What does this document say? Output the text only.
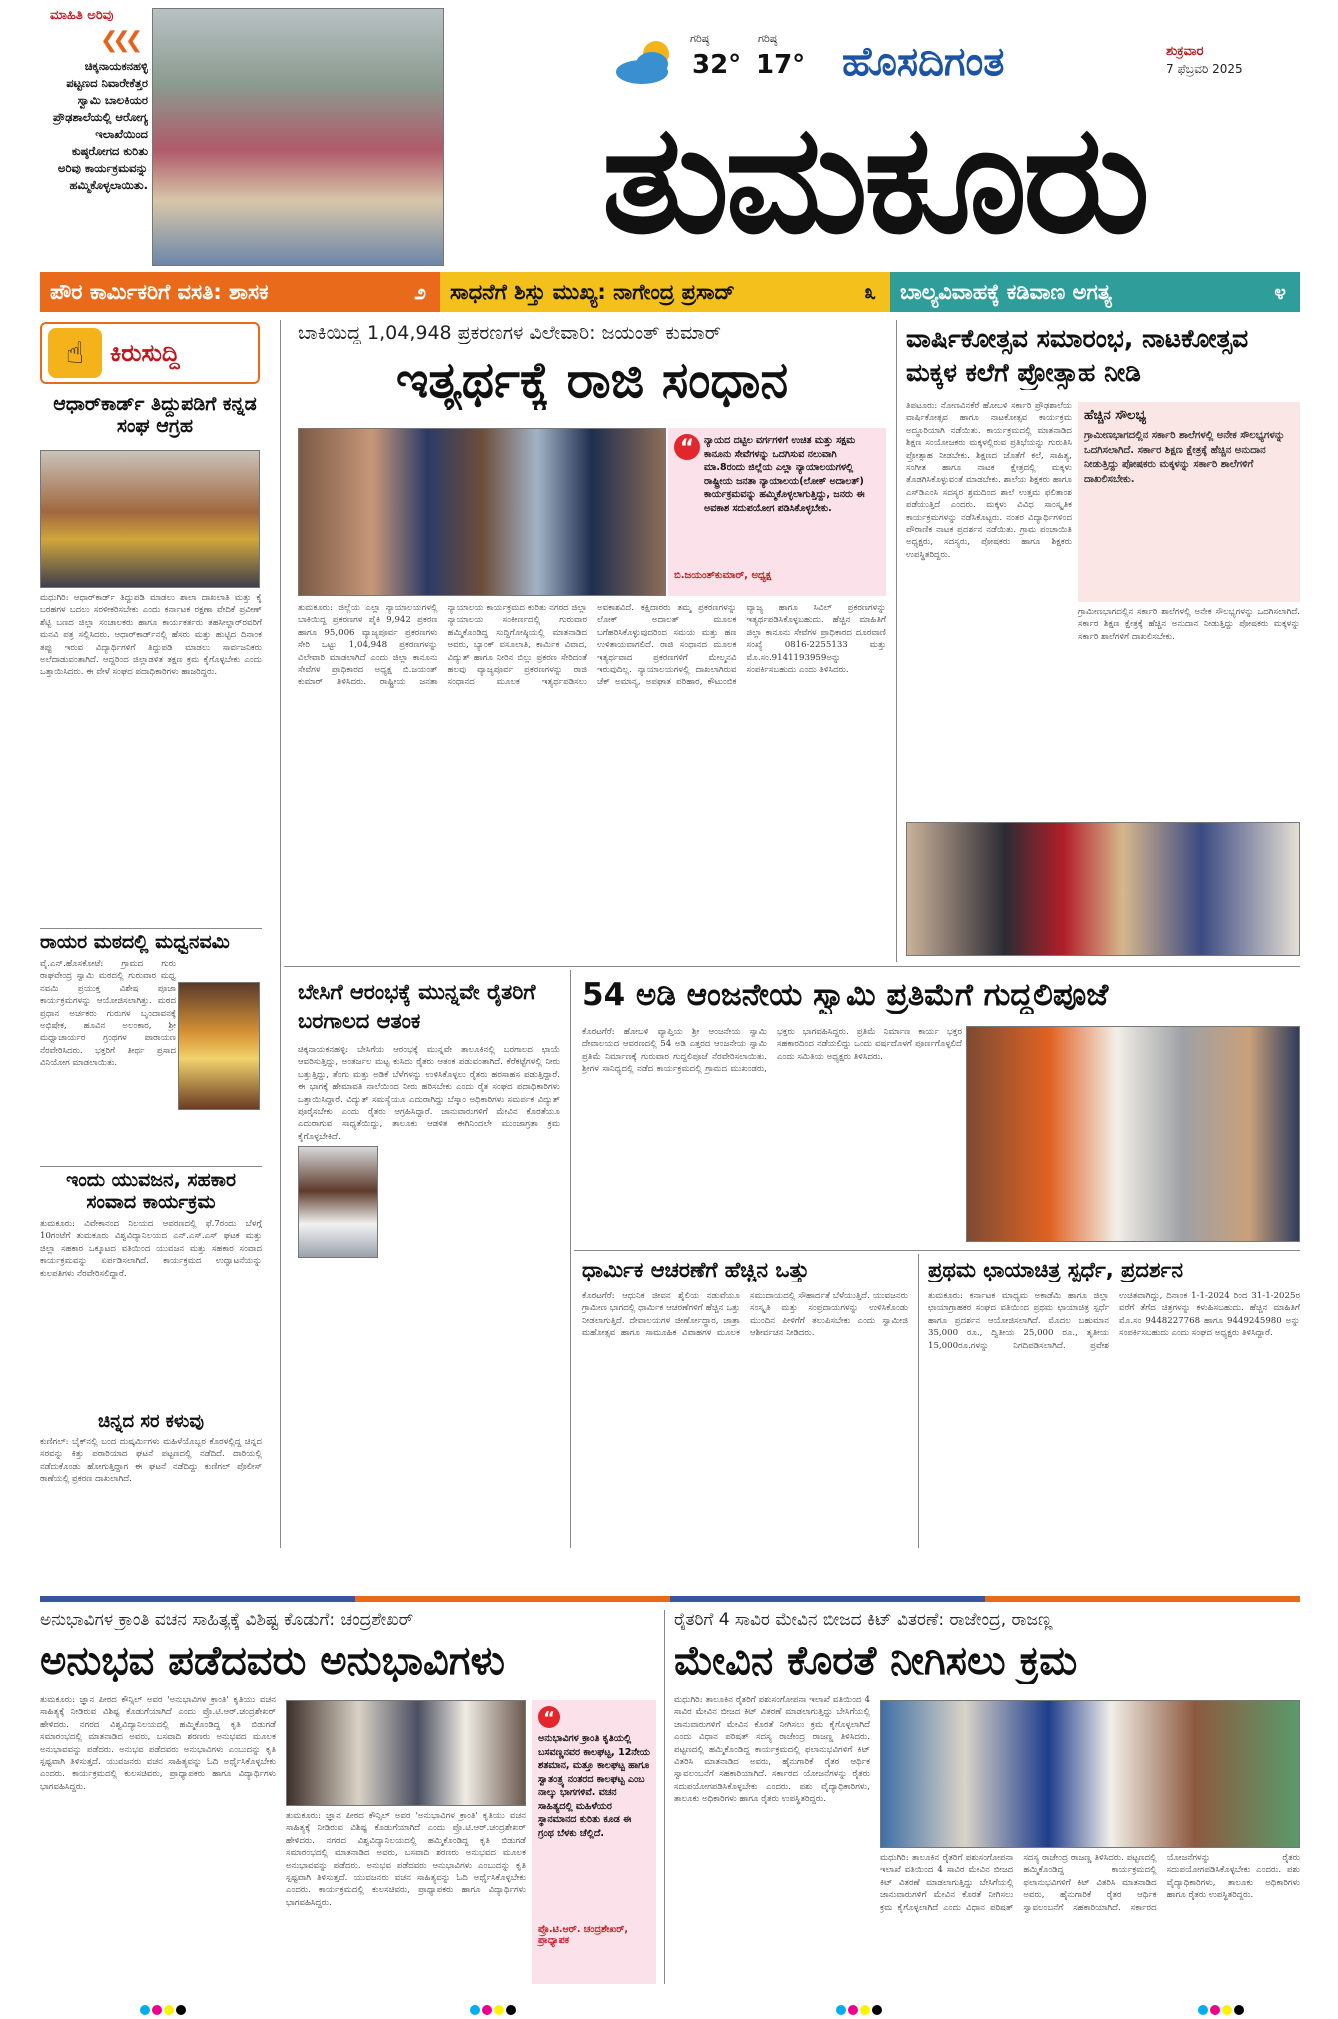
ಮಾಹಿತಿ ಅರಿವು
❮❮❮
ಚಿಕ್ಕನಾಯಕನಹಳ್ಳಿ ಪಟ್ಟಣದ ನಿವಾರೇಕೆತ್ತರ ಸ್ವಾಮಿ ಬಾಲಕಿಯರ ಪ್ರೌಢಶಾಲೆಯಲ್ಲಿ ಆರೋಗ್ಯ ಇಲಾಖೆಯಿಂದ ಕುಷ್ಠರೋಗದ ಕುರಿತು ಅರಿವು ಕಾರ್ಯಕ್ರಮವನ್ನು ಹಮ್ಮಿಕೊಳ್ಳಲಾಯಿತು.
ಗರಿಷ್ಠ
32°
ಗರಿಷ್ಠ
17° ಹೊಸದಿಗಂತ	ಶುಕ್ರವಾರ
7 ಫೆಬ್ರವರಿ 2025
ತುಮಕೂರು
ಪೌರ ಕಾರ್ಮಿಕರಿಗೆ ವಸತಿ: ಶಾಸಕ	೨ ಸಾಧನೆಗೆ ಶಿಸ್ತು ಮುಖ್ಯ: ನಾಗೇಂದ್ರ ಪ್ರಸಾದ್	೩ ಬಾಲ್ಯವಿವಾಹಕ್ಕೆ ಕಡಿವಾಣ ಅಗತ್ಯ	೪
☝	ಕಿರುಸುದ್ದಿ
ಆಧಾರ್‌ಕಾರ್ಡ್ ತಿದ್ದುಪಡಿಗೆ ಕನ್ನಡ ಸಂಘ ಆಗ್ರಹ
ಮಧುಗಿರಿ: ಆಧಾರ್‌ಕಾರ್ಡ್ ತಿದ್ದುಪಡಿ ಮಾಡಲು ಶಾಲಾ ದಾಖಲಾತಿ ಮತ್ತು ಕೈ ಬರಹಗಳ ಬದಲು ಸರಳೀಕರಿಸಬೇಕು ಎಂದು ಕರ್ನಾಟಕ ರಕ್ಷಣಾ ವೇದಿಕೆ ಪ್ರವೀಣ್ ಶೆಟ್ಟಿ ಬಣದ ಜಿಲ್ಲಾ ಸಂಚಾಲಕರು ಹಾಗೂ ಕಾರ್ಯಕರ್ತರು ತಹಸೀಲ್ದಾರ್‌ರವರಿಗೆ ಮನವಿ ಪತ್ರ ಸಲ್ಲಿಸಿದರು. ಆಧಾರ್‌ಕಾರ್ಡ್‌ನಲ್ಲಿ ಹೆಸರು ಮತ್ತು ಹುಟ್ಟಿದ ದಿನಾಂಕ ತಪ್ಪು ಇರುವ ವಿದ್ಯಾರ್ಥಿಗಳಿಗೆ ತಿದ್ದುಪಡಿ ಮಾಡಲು ಸಾರ್ವಜನಿಕರು ಅಲೆದಾಡುವಂತಾಗಿದೆ. ಆದ್ದರಿಂದ ಜಿಲ್ಲಾಡಳಿತ ತಕ್ಷಣ ಕ್ರಮ ಕೈಗೊಳ್ಳಬೇಕು ಎಂದು ಒತ್ತಾಯಿಸಿದರು. ಈ ವೇಳೆ ಸಂಘದ ಪದಾಧಿಕಾರಿಗಳು ಹಾಜರಿದ್ದರು.
ರಾಯರ ಮಠದಲ್ಲಿ ಮಧ್ವನವಮಿ
ವೈ.ಎನ್.ಹೊಸಕೋಟೆ: ಗ್ರಾಮದ ಗುರು ರಾಘವೇಂದ್ರ ಸ್ವಾಮಿ ಮಠದಲ್ಲಿ ಗುರುವಾರ ಮಧ್ವ ನವಮಿ ಪ್ರಯುಕ್ತ ವಿಶೇಷ ಪೂಜಾ ಕಾರ್ಯಕ್ರಮಗಳನ್ನು ಆಯೋಜಿಸಲಾಗಿತ್ತು. ಮಠದ ಪ್ರಧಾನ ಅರ್ಚಕರು ಗುರುಗಳ ಬೃಂದಾವನಕ್ಕೆ ಅಭಿಷೇಕ, ಹೂವಿನ ಅಲಂಕಾರ, ಶ್ರೀ ಮಧ್ವಾಚಾರ್ಯರ ಗ್ರಂಥಗಳ ಪಾರಾಯಣ ನೆರವೇರಿಸಿದರು. ಭಕ್ತರಿಗೆ ತೀರ್ಥ ಪ್ರಸಾದ ವಿನಿಯೋಗ ಮಾಡಲಾಯಿತು.
ಇಂದು ಯುವಜನ, ಸಹಕಾರ ಸಂವಾದ ಕಾರ್ಯಕ್ರಮ
ತುಮಕೂರು: ವಿವೇಕಾನಂದ ನಿಲಯದ ಆವರಣದಲ್ಲಿ ಫೆ.7ರಂದು ಬೆಳಗ್ಗೆ 10ಗಂಟೆಗೆ ತುಮಕೂರು ವಿಶ್ವವಿದ್ಯಾನಿಲಯದ ಎನ್.ಎಸ್.ಎಸ್ ಘಟಕ ಮತ್ತು ಜಿಲ್ಲಾ ಸಹಕಾರ ಒಕ್ಕೂಟದ ವತಿಯಿಂದ ಯುವಜನ ಮತ್ತು ಸಹಕಾರ ಸಂವಾದ ಕಾರ್ಯಕ್ರಮವನ್ನು ಏರ್ಪಡಿಸಲಾಗಿದೆ. ಕಾರ್ಯಕ್ರಮದ ಉದ್ಘಾಟನೆಯನ್ನು ಕುಲಪತಿಗಳು ನೆರವೇರಿಸಲಿದ್ದಾರೆ.
ಚಿನ್ನದ ಸರ ಕಳುವು
ಕುಣಿಗಲ್: ಬೈಕ್‌ನಲ್ಲಿ ಬಂದ ದುಷ್ಕರ್ಮಿಗಳು ಮಹಿಳೆಯೊಬ್ಬರ ಕೊರಳಲ್ಲಿದ್ದ ಚಿನ್ನದ ಸರವನ್ನು ಕಿತ್ತು ಪರಾರಿಯಾದ ಘಟನೆ ಪಟ್ಟಣದಲ್ಲಿ ನಡೆದಿದೆ. ದಾರಿಯಲ್ಲಿ ನಡೆದುಕೊಂಡು ಹೋಗುತ್ತಿದ್ದಾಗ ಈ ಘಟನೆ ನಡೆದಿದ್ದು ಕುಣಿಗಲ್ ಪೊಲೀಸ್ ಠಾಣೆಯಲ್ಲಿ ಪ್ರಕರಣ ದಾಖಲಾಗಿದೆ.
ಬಾಕಿಯಿದ್ದ 1,04,948 ಪ್ರಕರಣಗಳ ವಿಲೇವಾರಿ: ಜಯಂತ್ ಕುಮಾರ್
ಇತ್ಯರ್ಥಕ್ಕೆ ರಾಜಿ ಸಂಧಾನ
“	ನ್ಯಾಯದ ದಟ್ಟಿಲ ವರ್ಗಗಳಿಗೆ ಉಚಿತ ಮತ್ತು ಸಕ್ಷಮ ಕಾನೂನು ಸೇವೆಗಳನ್ನು ಒದಗಿಸುವ ನಲುವಾಗಿ ಮಾ.8ರಂದು ಜಿಲ್ಲೆಯ ಎಲ್ಲಾ ನ್ಯಾಯಾಲಯಗಳಲ್ಲಿ ರಾಷ್ಟ್ರೀಯ ಜನತಾ ನ್ಯಾಯಾಲಯ(ಲೋಕ್ ಅದಾಲತ್) ಕಾರ್ಯಕ್ರಮವನ್ನು ಹಮ್ಮಿಕೊಳ್ಳಲಾಗುತ್ತಿದ್ದು, ಜನರು ಈ ಅವಕಾಶ ಸದುಪಯೋಗ ಪಡಿಸಿಕೊಳ್ಳಬೇಕು.
ಬಿ.ಜಯಂತ್‌ಕುಮಾರ್, ಅಧ್ಯಕ್ಷ
ತುಮಕೂರು: ಜಿಲ್ಲೆಯ ಎಲ್ಲಾ ನ್ಯಾಯಾಲಯಗಳಲ್ಲಿ ಬಾಕಿಯಿದ್ದ ಪ್ರಕರಣಗಳ ಪೈಕಿ 9,942 ಪ್ರಕರಣ ಹಾಗೂ 95,006 ವ್ಯಾಜ್ಯಪೂರ್ವ ಪ್ರಕರಣಗಳು ಸೇರಿ ಒಟ್ಟು 1,04,948 ಪ್ರಕರಣಗಳನ್ನು ವಿಲೇವಾರಿ ಮಾಡಲಾಗಿದೆ ಎಂದು ಜಿಲ್ಲಾ ಕಾನೂನು ಸೇವೆಗಳ ಪ್ರಾಧಿಕಾರದ ಅಧ್ಯಕ್ಷ ಬಿ.ಜಯಂತ್ ಕುಮಾರ್ ತಿಳಿಸಿದರು. ರಾಷ್ಟ್ರೀಯ ಜನತಾ ನ್ಯಾಯಾಲಯ ಕಾರ್ಯಕ್ರಮದ ಕುರಿತು ನಗರದ ಜಿಲ್ಲಾ ನ್ಯಾಯಾಲಯ ಸಂಕೀರ್ಣದಲ್ಲಿ ಗುರುವಾರ ಹಮ್ಮಿಕೊಂಡಿದ್ದ ಸುದ್ದಿಗೋಷ್ಠಿಯಲ್ಲಿ ಮಾತನಾಡಿದ ಅವರು, ಬ್ಯಾಂಕ್ ವಸೂಲಾತಿ, ಕಾರ್ಮಿಕ ವಿವಾದ, ವಿದ್ಯುತ್ ಹಾಗೂ ನೀರಿನ ಬಿಲ್ಲು ಪ್ರಕರಣ ಸೇರಿದಂತೆ ಹಲವು ವ್ಯಾಜ್ಯಪೂರ್ವ ಪ್ರಕರಣಗಳನ್ನು ರಾಜಿ ಸಂಧಾನದ ಮೂಲಕ ಇತ್ಯರ್ಥಪಡಿಸಲು ಅವಕಾಶವಿದೆ. ಕಕ್ಷಿದಾರರು ತಮ್ಮ ಪ್ರಕರಣಗಳನ್ನು ಲೋಕ್ ಅದಾಲತ್ ಮೂಲಕ ಬಗೆಹರಿಸಿಕೊಳ್ಳುವುದರಿಂದ ಸಮಯ ಮತ್ತು ಹಣ ಉಳಿತಾಯವಾಗಲಿದೆ. ರಾಜಿ ಸಂಧಾನದ ಮೂಲಕ ಇತ್ಯರ್ಥವಾದ ಪ್ರಕರಣಗಳಿಗೆ ಮೇಲ್ಮನವಿ ಇರುವುದಿಲ್ಲ. ನ್ಯಾಯಾಲಯಗಳಲ್ಲಿ ದಾಖಲಾಗಿರುವ ಚೆಕ್ ಅಮಾನ್ಯ, ಅಪಘಾತ ಪರಿಹಾರ, ಕೌಟುಂಬಿಕ ವ್ಯಾಜ್ಯ ಹಾಗೂ ಸಿವಿಲ್ ಪ್ರಕರಣಗಳನ್ನು ಇತ್ಯರ್ಥಪಡಿಸಿಕೊಳ್ಳಬಹುದು. ಹೆಚ್ಚಿನ ಮಾಹಿತಿಗೆ ಜಿಲ್ಲಾ ಕಾನೂನು ಸೇವೆಗಳ ಪ್ರಾಧಿಕಾರದ ದೂರವಾಣಿ ಸಂಖ್ಯೆ 0816-2255133 ಮತ್ತು ಮೊ.ಸಂ.9141193959ಅನ್ನು ಸಂಪರ್ಕಿಸಬಹುದು ಎಂದು ತಿಳಿಸಿದರು.
ವಾರ್ಷಿಕೋತ್ಸವ ಸಮಾರಂಭ, ನಾಟಕೋತ್ಸವ ಮಕ್ಕಳ ಕಲೆಗೆ ಪ್ರೋತ್ಸಾಹ ನೀಡಿ
ಹೆಚ್ಚಿನ ಸೌಲಭ್ಯ
ಗ್ರಾಮೀಣಭಾಗದಲ್ಲಿನ ಸರ್ಕಾರಿ ಶಾಲೆಗಳಲ್ಲಿ ಅನೇಕ ಸೌಲಭ್ಯಗಳನ್ನು ಒದಗಿಸಲಾಗಿದೆ. ಸರ್ಕಾರ ಶಿಕ್ಷಣ ಕ್ಷೇತ್ರಕ್ಕೆ ಹೆಚ್ಚಿನ ಅನುದಾನ ನೀಡುತ್ತಿದ್ದು ಪೋಷಕರು ಮಕ್ಕಳನ್ನು ಸರ್ಕಾರಿ ಶಾಲೆಗಳಿಗೆ ದಾಖಲಿಸಬೇಕು.
ತಿಪಟೂರು: ನೋಣವಿನಕೆರೆ ಹೋಬಳಿ ಸರ್ಕಾರಿ ಪ್ರೌಢಶಾಲೆಯ ವಾರ್ಷಿಕೋತ್ಸವ ಹಾಗೂ ನಾಟಕೋತ್ಸವ ಕಾರ್ಯಕ್ರಮ ಅದ್ಧೂರಿಯಾಗಿ ನಡೆಯಿತು. ಕಾರ್ಯಕ್ರಮದಲ್ಲಿ ಮಾತನಾಡಿದ ಶಿಕ್ಷಣ ಸಂಯೋಜಕರು ಮಕ್ಕಳಲ್ಲಿರುವ ಪ್ರತಿಭೆಯನ್ನು ಗುರುತಿಸಿ ಪ್ರೋತ್ಸಾಹ ನೀಡಬೇಕು. ಶಿಕ್ಷಣದ ಜೊತೆಗೆ ಕಲೆ, ಸಾಹಿತ್ಯ, ಸಂಗೀತ ಹಾಗೂ ನಾಟಕ ಕ್ಷೇತ್ರದಲ್ಲಿ ಮಕ್ಕಳು ತೊಡಗಿಸಿಕೊಳ್ಳುವಂತೆ ಮಾಡಬೇಕು. ಶಾಲೆಯ ಶಿಕ್ಷಕರು ಹಾಗೂ ಎಸ್‌ಡಿಎಂಸಿ ಸದಸ್ಯರ ಶ್ರಮದಿಂದ ಶಾಲೆ ಉತ್ತಮ ಫಲಿತಾಂಶ ಪಡೆಯುತ್ತಿದೆ ಎಂದರು. ಮಕ್ಕಳು ವಿವಿಧ ಸಾಂಸ್ಕೃತಿಕ ಕಾರ್ಯಕ್ರಮಗಳನ್ನು ನಡೆಸಿಕೊಟ್ಟರು. ನಂತರ ವಿದ್ಯಾರ್ಥಿಗಳಿಂದ ಪೌರಾಣಿಕ ನಾಟಕ ಪ್ರದರ್ಶನ ನಡೆಯಿತು. ಗ್ರಾಮ ಪಂಚಾಯಿತಿ ಅಧ್ಯಕ್ಷರು, ಸದಸ್ಯರು, ಪೋಷಕರು ಹಾಗೂ ಶಿಕ್ಷಕರು ಉಪಸ್ಥಿತರಿದ್ದರು.
ಗ್ರಾಮೀಣಭಾಗದಲ್ಲಿನ ಸರ್ಕಾರಿ ಶಾಲೆಗಳಲ್ಲಿ ಅನೇಕ ಸೌಲಭ್ಯಗಳನ್ನು ಒದಗಿಸಲಾಗಿದೆ. ಸರ್ಕಾರ ಶಿಕ್ಷಣ ಕ್ಷೇತ್ರಕ್ಕೆ ಹೆಚ್ಚಿನ ಅನುದಾನ ನೀಡುತ್ತಿದ್ದು ಪೋಷಕರು ಮಕ್ಕಳನ್ನು ಸರ್ಕಾರಿ ಶಾಲೆಗಳಿಗೆ ದಾಖಲಿಸಬೇಕು.
ಬೇಸಿಗೆ ಆರಂಭಕ್ಕೆ ಮುನ್ನವೇ ರೈತರಿಗೆ ಬರಗಾಲದ ಆತಂಕ
ಚಿಕ್ಕನಾಯಕನಹಳ್ಳಿ: ಬೇಸಿಗೆಯ ಆರಂಭಕ್ಕೆ ಮುನ್ನವೇ ತಾಲೂಕಿನಲ್ಲಿ ಬರಗಾಲದ ಛಾಯೆ ಆವರಿಸುತ್ತಿದ್ದು, ಅಂತರ್ಜಲ ಮಟ್ಟ ಕುಸಿದು ರೈತರು ಆತಂಕ ಪಡುವಂತಾಗಿದೆ. ಕೆರೆಕಟ್ಟೆಗಳಲ್ಲಿ ನೀರು ಬತ್ತುತ್ತಿದ್ದು, ತೆಂಗು ಮತ್ತು ಅಡಿಕೆ ಬೆಳೆಗಳನ್ನು ಉಳಿಸಿಕೊಳ್ಳಲು ರೈತರು ಹರಸಾಹಸ ಪಡುತ್ತಿದ್ದಾರೆ. ಈ ಭಾಗಕ್ಕೆ ಹೇಮಾವತಿ ನಾಲೆಯಿಂದ ನೀರು ಹರಿಸಬೇಕು ಎಂದು ರೈತ ಸಂಘದ ಪದಾಧಿಕಾರಿಗಳು ಒತ್ತಾಯಿಸಿದ್ದಾರೆ. ವಿದ್ಯುತ್ ಸಮಸ್ಯೆಯೂ ಎದುರಾಗಿದ್ದು ಬೆಸ್ಕಾಂ ಅಧಿಕಾರಿಗಳು ಸಮರ್ಪಕ ವಿದ್ಯುತ್ ಪೂರೈಸಬೇಕು ಎಂದು ರೈತರು ಆಗ್ರಹಿಸಿದ್ದಾರೆ. ಜಾನುವಾರುಗಳಿಗೆ ಮೇವಿನ ಕೊರತೆಯೂ ಎದುರಾಗುವ ಸಾಧ್ಯತೆಯಿದ್ದು, ತಾಲೂಕು ಆಡಳಿತ ಈಗಿನಿಂದಲೇ ಮುಂಜಾಗ್ರತಾ ಕ್ರಮ ಕೈಗೊಳ್ಳಬೇಕಿದೆ.
54 ಅಡಿ ಆಂಜನೇಯ ಸ್ವಾಮಿ ಪ್ರತಿಮೆಗೆ ಗುದ್ದಲಿಪೂಜೆ
ಕೊರಟಗೆರೆ: ಹೋಬಳಿ ವ್ಯಾಪ್ತಿಯ ಶ್ರೀ ಆಂಜನೇಯ ಸ್ವಾಮಿ ದೇವಾಲಯದ ಆವರಣದಲ್ಲಿ 54 ಅಡಿ ಎತ್ತರದ ಆಂಜನೇಯ ಸ್ವಾಮಿ ಪ್ರತಿಮೆ ನಿರ್ಮಾಣಕ್ಕೆ ಗುರುವಾರ ಗುದ್ದಲಿಪೂಜೆ ನೆರವೇರಿಸಲಾಯಿತು. ಶ್ರೀಗಳ ಸಾನಿಧ್ಯದಲ್ಲಿ ನಡೆದ ಕಾರ್ಯಕ್ರಮದಲ್ಲಿ ಗ್ರಾಮದ ಮುಖಂಡರು, ಭಕ್ತರು ಭಾಗವಹಿಸಿದ್ದರು. ಪ್ರತಿಮೆ ನಿರ್ಮಾಣ ಕಾರ್ಯ ಭಕ್ತರ ಸಹಕಾರದಿಂದ ನಡೆಯಲಿದ್ದು ಒಂದು ವರ್ಷದೊಳಗೆ ಪೂರ್ಣಗೊಳ್ಳಲಿದೆ ಎಂದು ಸಮಿತಿಯ ಅಧ್ಯಕ್ಷರು ತಿಳಿಸಿದರು.
ಧಾರ್ಮಿಕ ಆಚರಣೆಗೆ ಹೆಚ್ಚಿನ ಒತ್ತು
ಕೊರಟಗೆರೆ: ಆಧುನಿಕ ಜೀವನ ಶೈಲಿಯ ನಡುವೆಯೂ ಗ್ರಾಮೀಣ ಭಾಗದಲ್ಲಿ ಧಾರ್ಮಿಕ ಆಚರಣೆಗಳಿಗೆ ಹೆಚ್ಚಿನ ಒತ್ತು ನೀಡಲಾಗುತ್ತಿದೆ. ದೇವಾಲಯಗಳ ಜೀರ್ಣೋದ್ಧಾರ, ಜಾತ್ರಾ ಮಹೋತ್ಸವ ಹಾಗೂ ಸಾಮೂಹಿಕ ವಿವಾಹಗಳ ಮೂಲಕ ಸಮುದಾಯದಲ್ಲಿ ಸೌಹಾರ್ದತೆ ಬೆಳೆಯುತ್ತಿದೆ. ಯುವಜನರು ಸಂಸ್ಕೃತಿ ಮತ್ತು ಸಂಪ್ರದಾಯಗಳನ್ನು ಉಳಿಸಿಕೊಂಡು ಮುಂದಿನ ಪೀಳಿಗೆಗೆ ತಲುಪಿಸಬೇಕು ಎಂದು ಸ್ವಾಮೀಜಿ ಆಶೀರ್ವಚನ ನೀಡಿದರು.
ಪ್ರಥಮ ಛಾಯಾಚಿತ್ರ ಸ್ಪರ್ಧೆ, ಪ್ರದರ್ಶನ
ತುಮಕೂರು: ಕರ್ನಾಟಕ ಮಾಧ್ಯಮ ಅಕಾಡೆಮಿ ಹಾಗೂ ಜಿಲ್ಲಾ ಛಾಯಾಗ್ರಾಹಕರ ಸಂಘದ ವತಿಯಿಂದ ಪ್ರಥಮ ಛಾಯಾಚಿತ್ರ ಸ್ಪರ್ಧೆ ಹಾಗೂ ಪ್ರದರ್ಶನ ಆಯೋಜಿಸಲಾಗಿದೆ. ಮೊದಲ ಬಹುಮಾನ 35,000 ರೂ., ದ್ವಿತೀಯ 25,000 ರೂ., ತೃತೀಯ 15,000ರೂ.ಗಳನ್ನು ನಿಗದಿಪಡಿಸಲಾಗಿದೆ. ಪ್ರವೇಶ ಉಚಿತವಾಗಿದ್ದು, ದಿನಾಂಕ 1-1-2024 ರಿಂದ 31-1-2025ರ ವರೆಗೆ ತೆಗೆದ ಚಿತ್ರಗಳನ್ನು ಕಳುಹಿಸಬಹುದು. ಹೆಚ್ಚಿನ ಮಾಹಿತಿಗೆ ಮೊ.ಸಂ 9448227768 ಹಾಗೂ 9449245980 ಅನ್ನು ಸಂಪರ್ಕಿಸಬಹುದು ಎಂದು ಸಂಘದ ಅಧ್ಯಕ್ಷರು ತಿಳಿಸಿದ್ದಾರೆ.
ಅನುಭಾವಿಗಳ ಕ್ರಾಂತಿ ವಚನ ಸಾಹಿತ್ಯಕ್ಕೆ ವಿಶಿಷ್ಟ ಕೊಡುಗೆ: ಚಂದ್ರಶೇಖರ್
ಅನುಭವ ಪಡೆದವರು ಅನುಭಾವಿಗಳು
ತುಮಕೂರು: ಜ್ಞಾನ ಪೀಠದ ಕೌನ್ಸಿಲ್ ಅವರ 'ಅನುಭಾವಿಗಳ ಕ್ರಾಂತಿ' ಕೃತಿಯು ವಚನ ಸಾಹಿತ್ಯಕ್ಕೆ ನೀಡಿರುವ ವಿಶಿಷ್ಟ ಕೊಡುಗೆಯಾಗಿದೆ ಎಂದು ಪ್ರೊ.ಟಿ.ಆರ್.ಚಂದ್ರಶೇಖರ್ ಹೇಳಿದರು. ನಗರದ ವಿಶ್ವವಿದ್ಯಾನಿಲಯದಲ್ಲಿ ಹಮ್ಮಿಕೊಂಡಿದ್ದ ಕೃತಿ ಬಿಡುಗಡೆ ಸಮಾರಂಭದಲ್ಲಿ ಮಾತನಾಡಿದ ಅವರು, ಬಸವಾದಿ ಶರಣರು ಅನುಭವದ ಮೂಲಕ ಅನುಭಾವವನ್ನು ಪಡೆದರು. ಅನುಭವ ಪಡೆದವರು ಅನುಭಾವಿಗಳು ಎಂಬುದನ್ನು ಕೃತಿ ಸ್ಪಷ್ಟವಾಗಿ ತಿಳಿಸುತ್ತದೆ. ಯುವಜನರು ವಚನ ಸಾಹಿತ್ಯವನ್ನು ಓದಿ ಅರ್ಥೈಸಿಕೊಳ್ಳಬೇಕು ಎಂದರು. ಕಾರ್ಯಕ್ರಮದಲ್ಲಿ ಕುಲಸಚಿವರು, ಪ್ರಾಧ್ಯಾಪಕರು ಹಾಗೂ ವಿದ್ಯಾರ್ಥಿಗಳು ಭಾಗವಹಿಸಿದ್ದರು.
ತುಮಕೂರು: ಜ್ಞಾನ ಪೀಠದ ಕೌನ್ಸಿಲ್ ಅವರ 'ಅನುಭಾವಿಗಳ ಕ್ರಾಂತಿ' ಕೃತಿಯು ವಚನ ಸಾಹಿತ್ಯಕ್ಕೆ ನೀಡಿರುವ ವಿಶಿಷ್ಟ ಕೊಡುಗೆಯಾಗಿದೆ ಎಂದು ಪ್ರೊ.ಟಿ.ಆರ್.ಚಂದ್ರಶೇಖರ್ ಹೇಳಿದರು. ನಗರದ ವಿಶ್ವವಿದ್ಯಾನಿಲಯದಲ್ಲಿ ಹಮ್ಮಿಕೊಂಡಿದ್ದ ಕೃತಿ ಬಿಡುಗಡೆ ಸಮಾರಂಭದಲ್ಲಿ ಮಾತನಾಡಿದ ಅವರು, ಬಸವಾದಿ ಶರಣರು ಅನುಭವದ ಮೂಲಕ ಅನುಭಾವವನ್ನು ಪಡೆದರು. ಅನುಭವ ಪಡೆದವರು ಅನುಭಾವಿಗಳು ಎಂಬುದನ್ನು ಕೃತಿ ಸ್ಪಷ್ಟವಾಗಿ ತಿಳಿಸುತ್ತದೆ. ಯುವಜನರು ವಚನ ಸಾಹಿತ್ಯವನ್ನು ಓದಿ ಅರ್ಥೈಸಿಕೊಳ್ಳಬೇಕು ಎಂದರು. ಕಾರ್ಯಕ್ರಮದಲ್ಲಿ ಕುಲಸಚಿವರು, ಪ್ರಾಧ್ಯಾಪಕರು ಹಾಗೂ ವಿದ್ಯಾರ್ಥಿಗಳು ಭಾಗವಹಿಸಿದ್ದರು.
“
ಅನುಭಾವಿಗಳ ಕ್ರಾಂತಿ ಕೃತಿಯಲ್ಲಿ ಬಸವಣ್ಣನವರ ಕಾಲಘಟ್ಟ, 12ನೇಯ ಶತಮಾನ, ಮತ್ತೂ ಕಾಲಘಟ್ಟ ಹಾಗೂ ಸ್ವಾತಂತ್ರ್ಯ ನಂತರದ ಕಾಲಘಟ್ಟ ಎಂಬ ನಾಲ್ಕು ಭಾಗಗಳಿವೆ. ವಚನ ಸಾಹಿತ್ಯದಲ್ಲಿ ಮಹಿಳೆಯರ ಸ್ಥಾನಮಾನದ ಕುರಿತು ಕೂಡ ಈ ಗ್ರಂಥ ಬೆಳಕು ಚೆಲ್ಲಿದೆ.
ಪ್ರೊ.ಟಿ.ಆರ್. ಚಂದ್ರಶೇಖರ್, ಪ್ರಾಧ್ಯಾಪಕ
ರೈತರಿಗೆ 4 ಸಾವಿರ ಮೇವಿನ ಬೀಜದ ಕಿಟ್ ವಿತರಣೆ: ರಾಜೇಂದ್ರ, ರಾಜಣ್ಣ
ಮೇವಿನ ಕೊರತೆ ನೀಗಿಸಲು ಕ್ರಮ
ಮಧುಗಿರಿ: ತಾಲೂಕಿನ ರೈತರಿಗೆ ಪಶುಸಂಗೋಪನಾ ಇಲಾಖೆ ವತಿಯಿಂದ 4 ಸಾವಿರ ಮೇವಿನ ಬೀಜದ ಕಿಟ್ ವಿತರಣೆ ಮಾಡಲಾಗುತ್ತಿದ್ದು ಬೇಸಿಗೆಯಲ್ಲಿ ಜಾನುವಾರುಗಳಿಗೆ ಮೇವಿನ ಕೊರತೆ ನೀಗಿಸಲು ಕ್ರಮ ಕೈಗೊಳ್ಳಲಾಗಿದೆ ಎಂದು ವಿಧಾನ ಪರಿಷತ್ ಸದಸ್ಯ ರಾಜೇಂದ್ರ ರಾಜಣ್ಣ ತಿಳಿಸಿದರು. ಪಟ್ಟಣದಲ್ಲಿ ಹಮ್ಮಿಕೊಂಡಿದ್ದ ಕಾರ್ಯಕ್ರಮದಲ್ಲಿ ಫಲಾನುಭವಿಗಳಿಗೆ ಕಿಟ್ ವಿತರಿಸಿ ಮಾತನಾಡಿದ ಅವರು, ಹೈನುಗಾರಿಕೆ ರೈತರ ಆರ್ಥಿಕ ಸ್ವಾವಲಂಬನೆಗೆ ಸಹಕಾರಿಯಾಗಿದೆ. ಸರ್ಕಾರದ ಯೋಜನೆಗಳನ್ನು ರೈತರು ಸದುಪಯೋಗಪಡಿಸಿಕೊಳ್ಳಬೇಕು ಎಂದರು. ಪಶು ವೈದ್ಯಾಧಿಕಾರಿಗಳು, ತಾಲೂಕು ಅಧಿಕಾರಿಗಳು ಹಾಗೂ ರೈತರು ಉಪಸ್ಥಿತರಿದ್ದರು.
ಮಧುಗಿರಿ: ತಾಲೂಕಿನ ರೈತರಿಗೆ ಪಶುಸಂಗೋಪನಾ ಇಲಾಖೆ ವತಿಯಿಂದ 4 ಸಾವಿರ ಮೇವಿನ ಬೀಜದ ಕಿಟ್ ವಿತರಣೆ ಮಾಡಲಾಗುತ್ತಿದ್ದು ಬೇಸಿಗೆಯಲ್ಲಿ ಜಾನುವಾರುಗಳಿಗೆ ಮೇವಿನ ಕೊರತೆ ನೀಗಿಸಲು ಕ್ರಮ ಕೈಗೊಳ್ಳಲಾಗಿದೆ ಎಂದು ವಿಧಾನ ಪರಿಷತ್ ಸದಸ್ಯ ರಾಜೇಂದ್ರ ರಾಜಣ್ಣ ತಿಳಿಸಿದರು. ಪಟ್ಟಣದಲ್ಲಿ ಹಮ್ಮಿಕೊಂಡಿದ್ದ ಕಾರ್ಯಕ್ರಮದಲ್ಲಿ ಫಲಾನುಭವಿಗಳಿಗೆ ಕಿಟ್ ವಿತರಿಸಿ ಮಾತನಾಡಿದ ಅವರು, ಹೈನುಗಾರಿಕೆ ರೈತರ ಆರ್ಥಿಕ ಸ್ವಾವಲಂಬನೆಗೆ ಸಹಕಾರಿಯಾಗಿದೆ. ಸರ್ಕಾರದ ಯೋಜನೆಗಳನ್ನು ರೈತರು ಸದುಪಯೋಗಪಡಿಸಿಕೊಳ್ಳಬೇಕು ಎಂದರು. ಪಶು ವೈದ್ಯಾಧಿಕಾರಿಗಳು, ತಾಲೂಕು ಅಧಿಕಾರಿಗಳು ಹಾಗೂ ರೈತರು ಉಪಸ್ಥಿತರಿದ್ದರು.
